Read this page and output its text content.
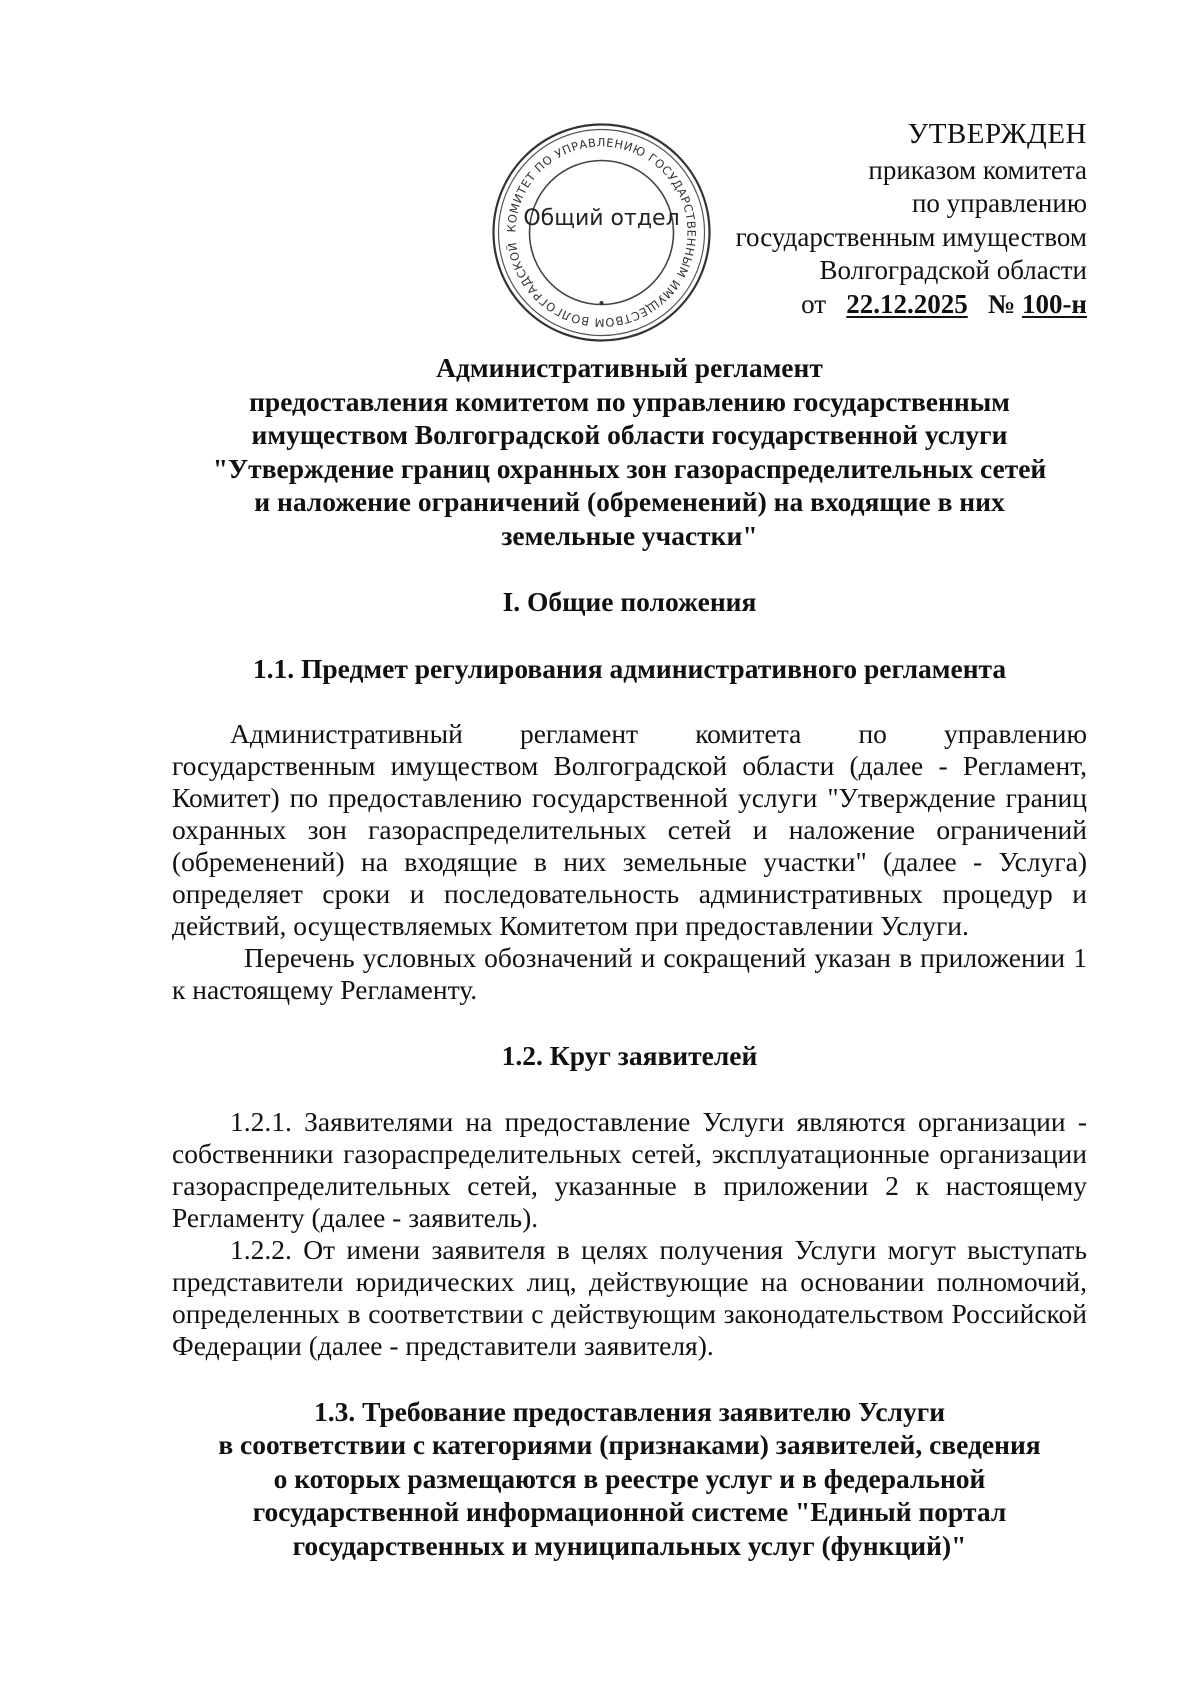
КОМИТЕТ ПО УПРАВЛЕНИЮ ГОСУДАРСТВЕННЫМ ИМУЩЕСТВОМ ВОЛГОГРАДСКОЙ
Общий отдел
УТВЕРЖДЕН
приказом комитета
по управлению
государственным имуществом
Волгоградской области
от 22.12.2025 № 100-н
Административный регламент
предоставления комитетом по управлению государственным
имуществом Волгоградской области государственной услуги
"Утверждение границ охранных зон газораспределительных сетей
и наложение ограничений (обременений) на входящие в них
земельные участки"
I. Общие положения
1.1. Предмет регулирования административного регламента

Административный регламент комитета по управлению государственным имуществом Волгоградской области (далее - Регламент, Комитет) по предоставлению государственной услуги "Утверждение границ охранных зон газораспределительных сетей и наложение ограничений (обременений) на входящие в них земельные участки" (далее - Услуга) определяет сроки и последовательность административных процедур и действий, осуществляемых Комитетом при предоставлении Услуги.

Перечень условных обозначений и сокращений указан в приложении 1 к настоящему Регламенту.

1.2. Круг заявителей

1.2.1. Заявителями на предоставление Услуги являются организации - собственники газораспределительных сетей, эксплуатационные организации газораспределительных сетей, указанные в приложении 2 к настоящему Регламенту (далее - заявитель).

1.2.2. От имени заявителя в целях получения Услуги могут выступать представители юридических лиц, действующие на основании полномочий, определенных в соответствии с действующим законодательством Российской Федерации (далее - представители заявителя).

1.3. Требование предоставления заявителю Услуги
в соответствии с категориями (признаками) заявителей, сведения
о которых размещаются в реестре услуг и в федеральной
государственной информационной системе "Единый портал
государственных и муниципальных услуг (функций)"
